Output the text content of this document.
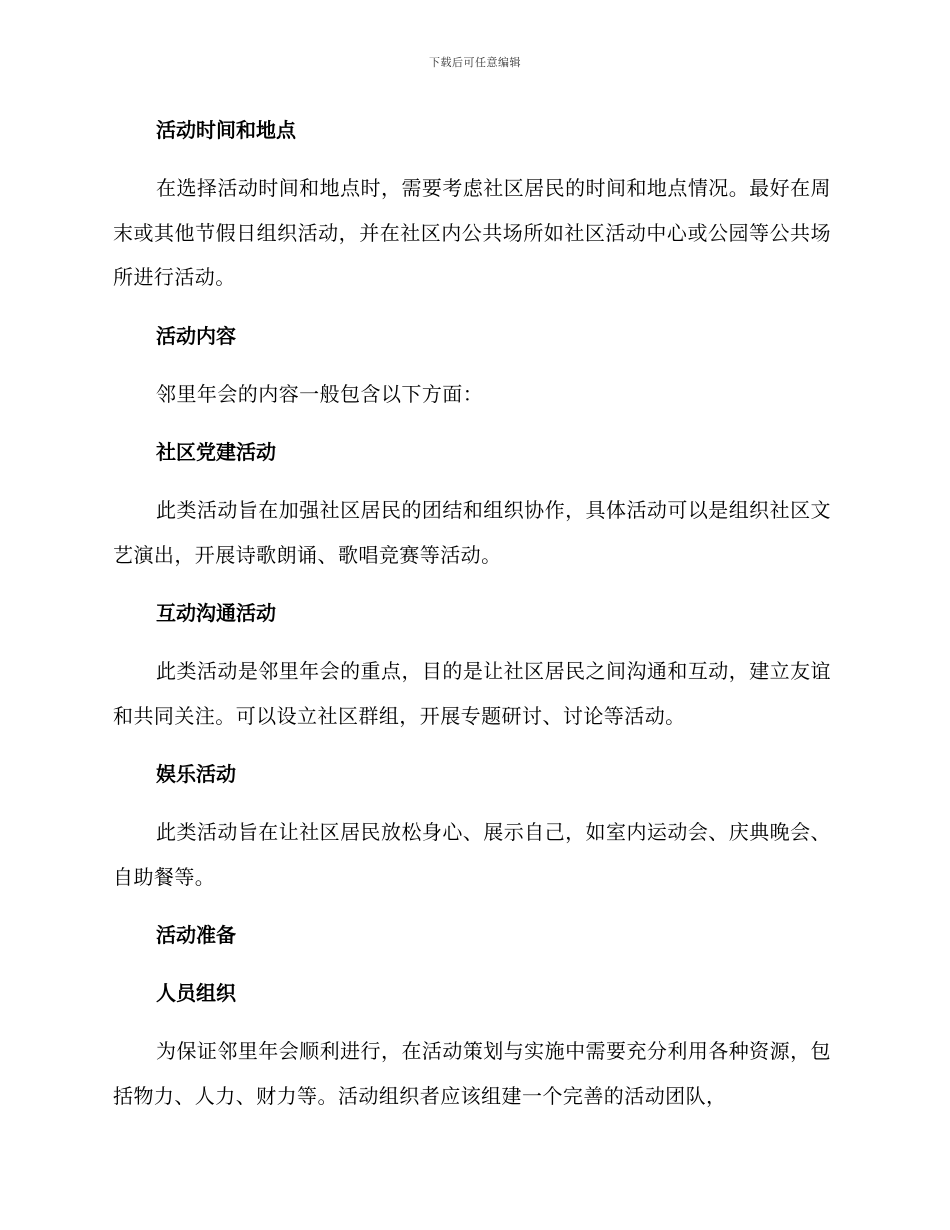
下载后可任意编辑
活动时间和地点

在选择活动时间和地点时，需要考虑社区居民的时间和地点情况。最好在周末或其他节假日组织活动，并在社区内公共场所如社区活动中心或公园等公共场所进行活动。

活动内容

邻里年会的内容一般包含以下方面：

社区党建活动

此类活动旨在加强社区居民的团结和组织协作，具体活动可以是组织社区文艺演出，开展诗歌朗诵、歌唱竞赛等活动。

互动沟通活动

此类活动是邻里年会的重点，目的是让社区居民之间沟通和互动，建立友谊和共同关注。可以设立社区群组，开展专题研讨、讨论等活动。

娱乐活动

此类活动旨在让社区居民放松身心、展示自己，如室内运动会、庆典晚会、自助餐等。

活动准备
人员组织

为保证邻里年会顺利进行，在活动策划与实施中需要充分利用各种资源，包括物力、人力、财力等。活动组织者应该组建一个完善的活动团队，
